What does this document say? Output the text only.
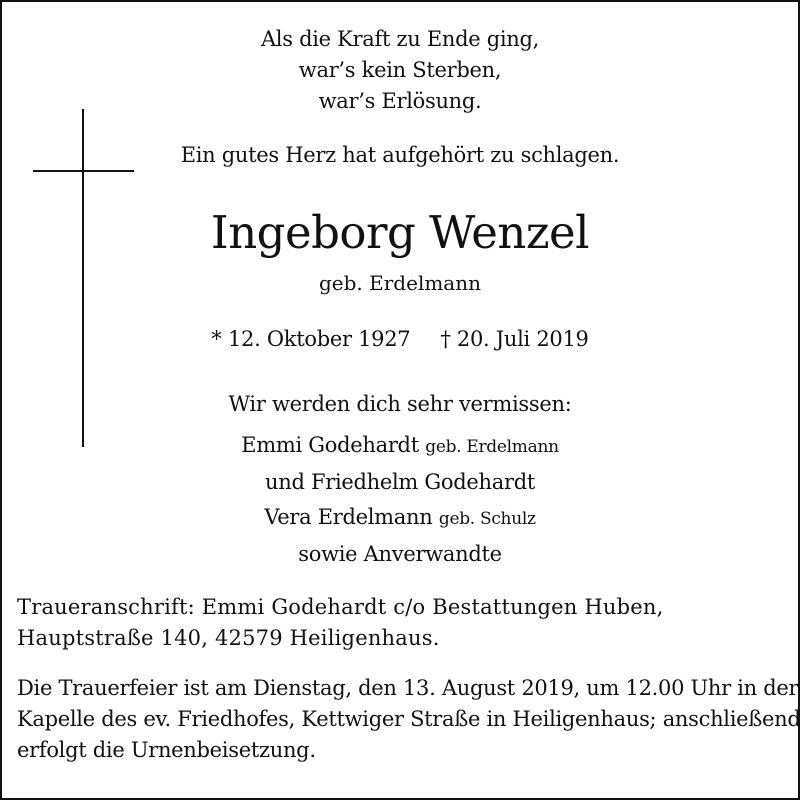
Als die Kraft zu Ende ging,
war’s kein Sterben,
war’s Erlösung.
Ein gutes Herz hat aufgehört zu schlagen.
Ingeborg Wenzel
geb. Erdelmann
* 12. Oktober 1927 † 20. Juli 2019
Wir werden dich sehr vermissen:
Emmi Godehardt geb. Erdelmann
und Friedhelm Godehardt
Vera Erdelmann geb. Schulz
sowie Anverwandte
Traueranschrift: Emmi Godehardt c/o Bestattungen Huben,
Hauptstraße 140, 42579 Heiligenhaus.
Die Trauerfeier ist am Dienstag, den 13. August 2019, um 12.00 Uhr in der
Kapelle des ev. Friedhofes, Kettwiger Straße in Heiligenhaus; anschließend
erfolgt die Urnenbeisetzung.
